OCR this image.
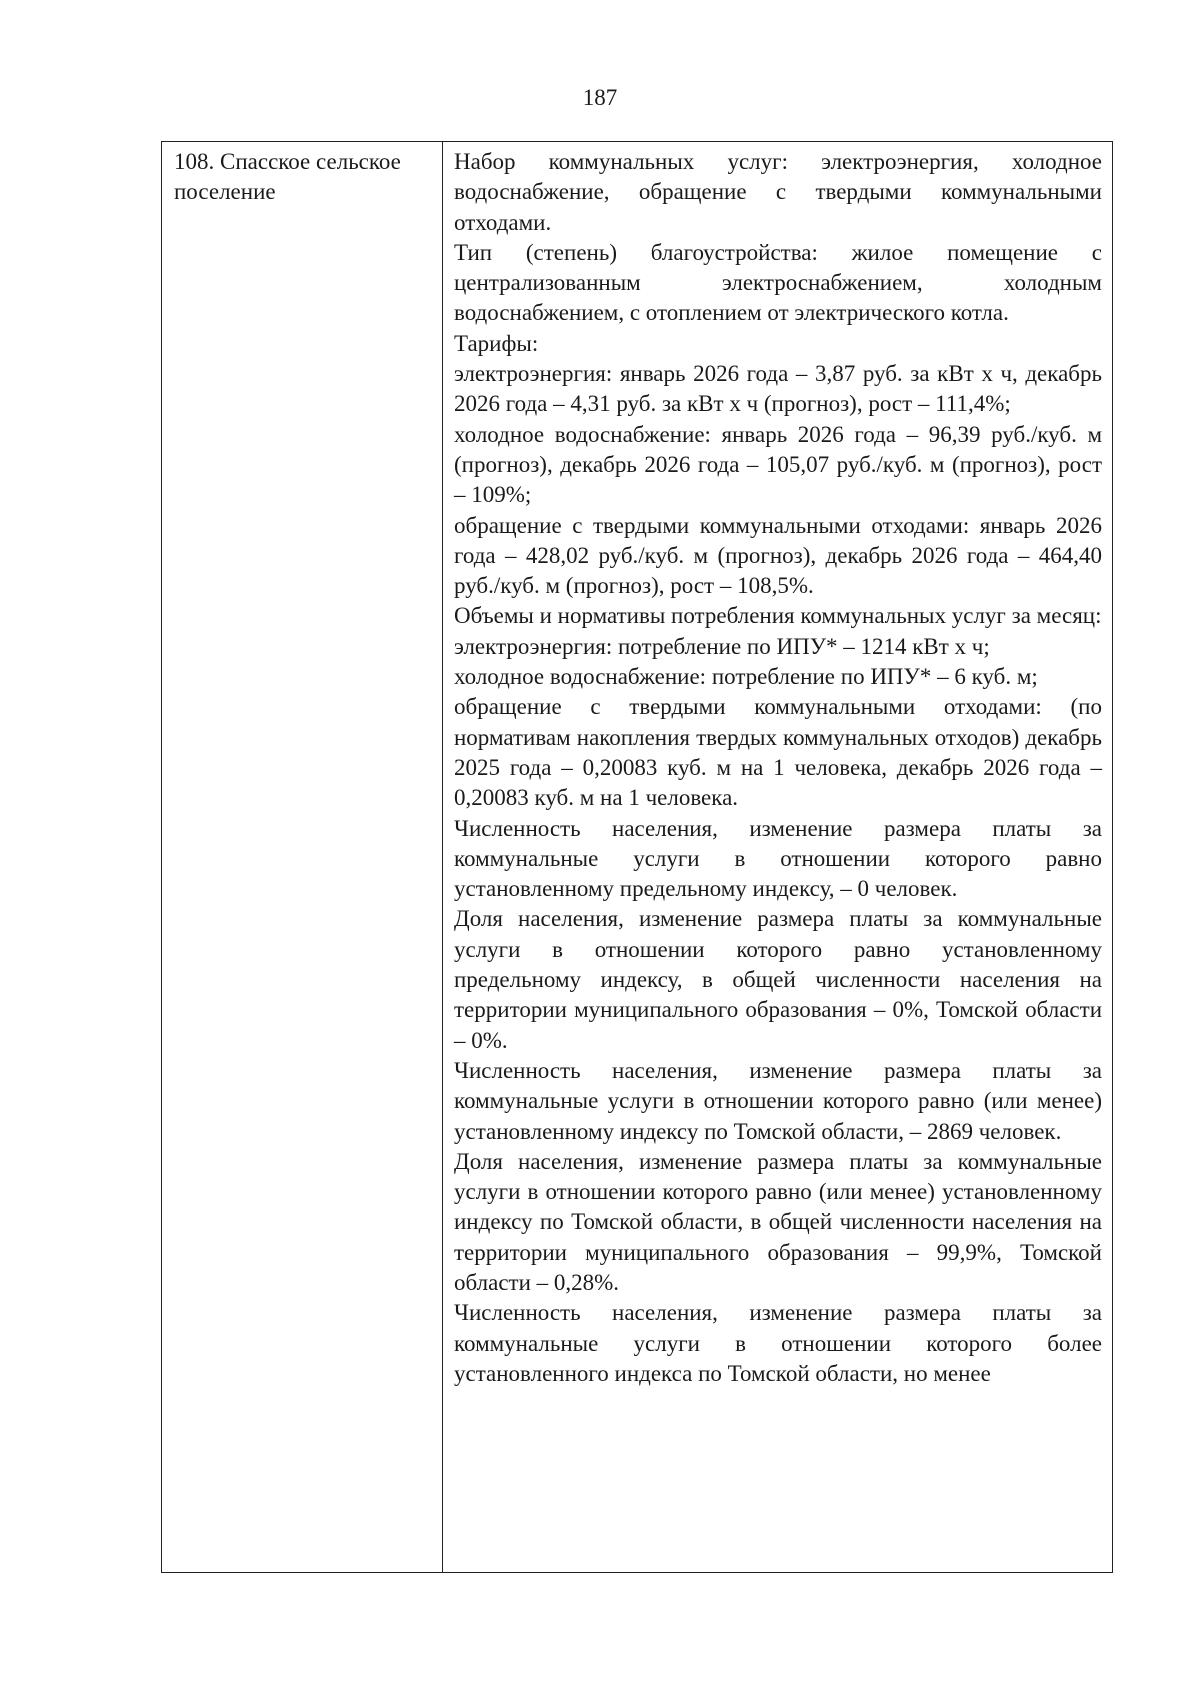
187
108. Спасское сельское поселение

Набор коммунальных услуг: электроэнергия, холодное водоснабжение, обращение с твердыми коммунальными отходами.

Тип (степень) благоустройства: жилое помещение с централизованным электроснабжением, холодным водоснабжением, с отоплением от электрического котла.

Тарифы:

электроэнергия: январь 2026 года – 3,87 руб. за кВт х ч, декабрь 2026 года – 4,31 руб. за кВт х ч (прогноз), рост – 111,4%;

холодное водоснабжение: январь 2026 года – 96,39 руб./куб. м (прогноз), декабрь 2026 года – 105,07 руб./куб. м (прогноз), рост – 109%;

обращение с твердыми коммунальными отходами: январь 2026 года – 428,02 руб./куб. м (прогноз), декабрь 2026 года – 464,40 руб./куб. м (прогноз), рост – 108,5%.

Объемы и нормативы потребления коммунальных услуг за месяц:

электроэнергия: потребление по ИПУ* – 1214 кВт х ч;

холодное водоснабжение: потребление по ИПУ* – 6 куб. м;

обращение с твердыми коммунальными отходами: (по нормативам накопления твердых коммунальных отходов) декабрь 2025 года – 0,20083 куб. м на 1 человека, декабрь 2026 года – 0,20083 куб. м на 1 человека.

Численность населения, изменение размера платы за коммунальные услуги в отношении которого равно установленному предельному индексу, – 0 человек.

Доля населения, изменение размера платы за коммунальные услуги в отношении которого равно установленному предельному индексу, в общей численности населения на территории муниципального образования – 0%, Томской области – 0%.

Численность населения, изменение размера платы за коммунальные услуги в отношении которого равно (или менее) установленному индексу по Томской области, – 2869 человек.

Доля населения, изменение размера платы за коммунальные услуги в отношении которого равно (или менее) установленному индексу по Томской области, в общей численности населения на территории муниципального образования – 99,9%, Томской области – 0,28%.

Численность населения, изменение размера платы за коммунальные услуги в отношении которого более установленного индекса по Томской области, но менее
